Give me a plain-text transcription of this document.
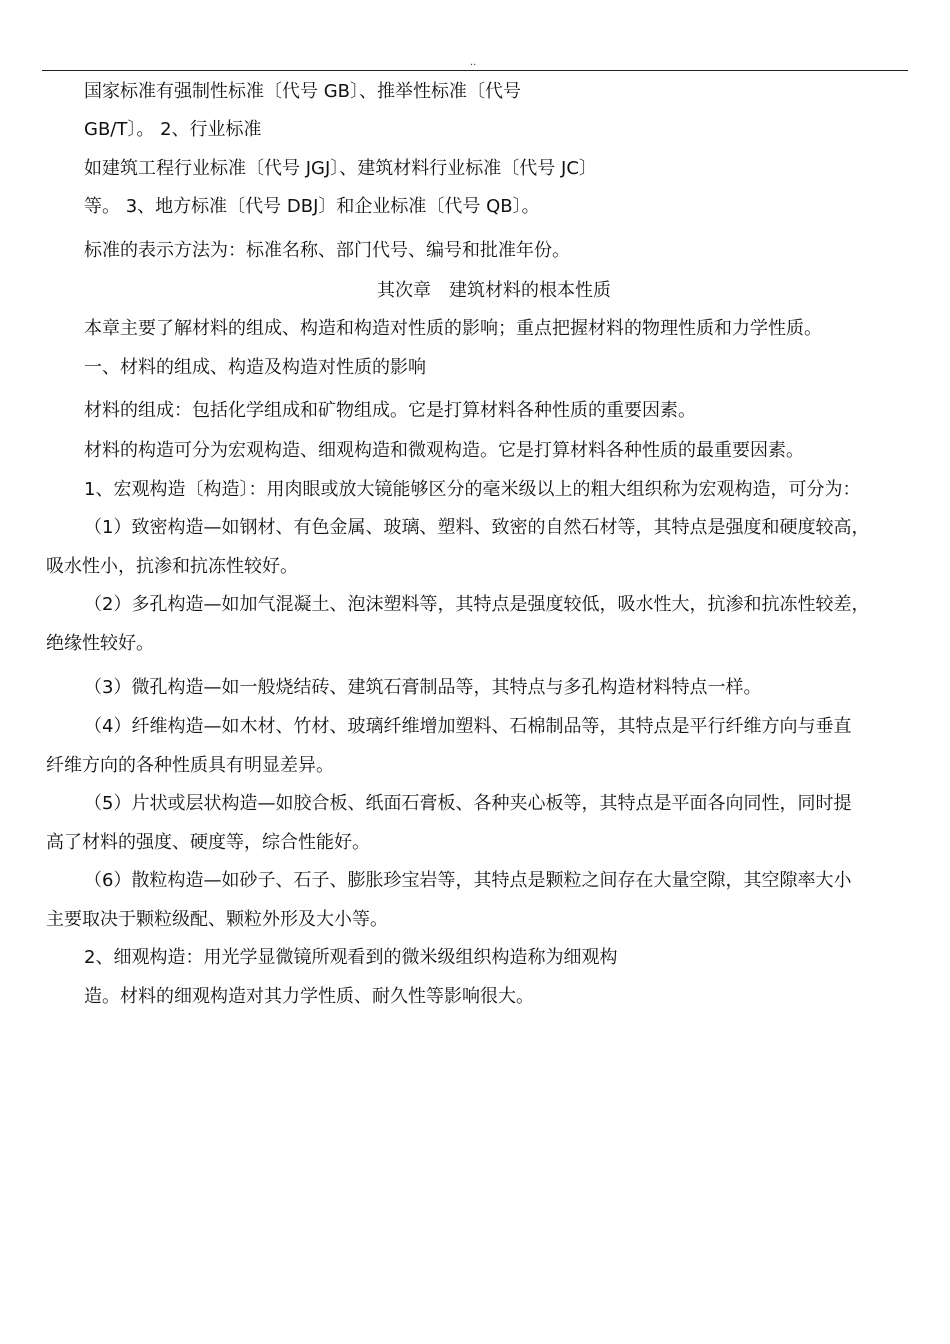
..
国家标准有强制性标准〔代号 GB〕、推举性标准〔代号
GB/T〕。 2、行业标准
如建筑工程行业标准〔代号 JGJ〕、建筑材料行业标准〔代号 JC〕
等。 3、地方标准〔代号 DBJ〕和企业标准〔代号 QB〕。
标准的表示方法为：标准名称、部门代号、编号和批准年份。
其次章　建筑材料的根本性质
本章主要了解材料的组成、构造和构造对性质的影响；重点把握材料的物理性质和力学性质。
一、材料的组成、构造及构造对性质的影响
材料的组成：包括化学组成和矿物组成。它是打算材料各种性质的重要因素。
材料的构造可分为宏观构造、细观构造和微观构造。它是打算材料各种性质的最重要因素。
1、宏观构造〔构造〕：用肉眼或放大镜能够区分的毫米级以上的粗大组织称为宏观构造，可分为：
（1）致密构造—如钢材、有色金属、玻璃、塑料、致密的自然石材等，其特点是强度和硬度较高，
吸水性小，抗渗和抗冻性较好。
（2）多孔构造—如加气混凝土、泡沫塑料等，其特点是强度较低，吸水性大，抗渗和抗冻性较差，
绝缘性较好。
（3）微孔构造—如一般烧结砖、建筑石膏制品等，其特点与多孔构造材料特点一样。
（4）纤维构造—如木材、竹材、玻璃纤维增加塑料、石棉制品等，其特点是平行纤维方向与垂直
纤维方向的各种性质具有明显差异。
（5）片状或层状构造—如胶合板、纸面石膏板、各种夹心板等，其特点是平面各向同性，同时提
高了材料的强度、硬度等，综合性能好。
（6）散粒构造—如砂子、石子、膨胀珍宝岩等，其特点是颗粒之间存在大量空隙，其空隙率大小
主要取决于颗粒级配、颗粒外形及大小等。
2、细观构造：用光学显微镜所观看到的微米级组织构造称为细观构
造。材料的细观构造对其力学性质、耐久性等影响很大。
